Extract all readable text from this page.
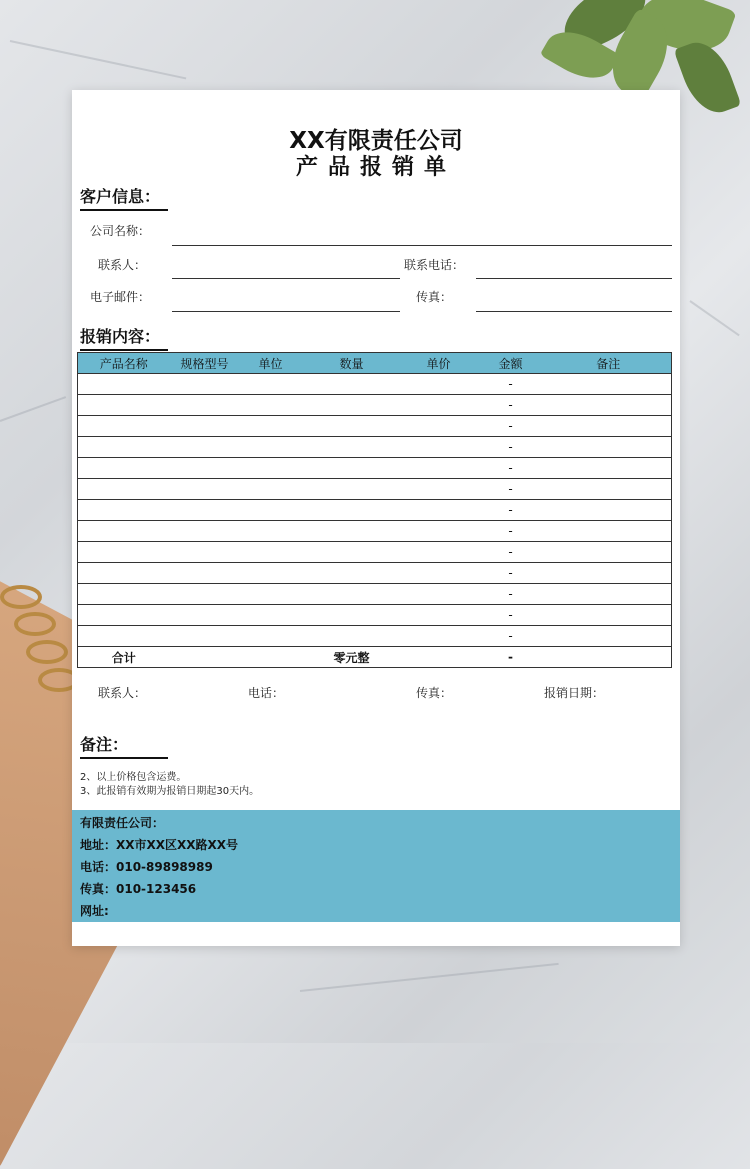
XX有限责任公司
产品报销单
客户信息：
公司名称：
联系人：	联系电话：
电子邮件：	传真：
报销内容：
产品名称	规格型号	单位	数量	单价	金额	备注
					-	
					-	
					-	
					-	
					-	
					-	
					-	
					-	
					-	
					-	
					-	
					-	
					-	
合计			零元整		-	
联系人：	电话：	传真：	报销日期：
备注：
2、以上价格包含运费。
3、此报销有效期为报销日期起30天内。
有限责任公司：
地址：XX市XX区XX路XX号
电话：010-89898989
传真：010-123456
网址:
